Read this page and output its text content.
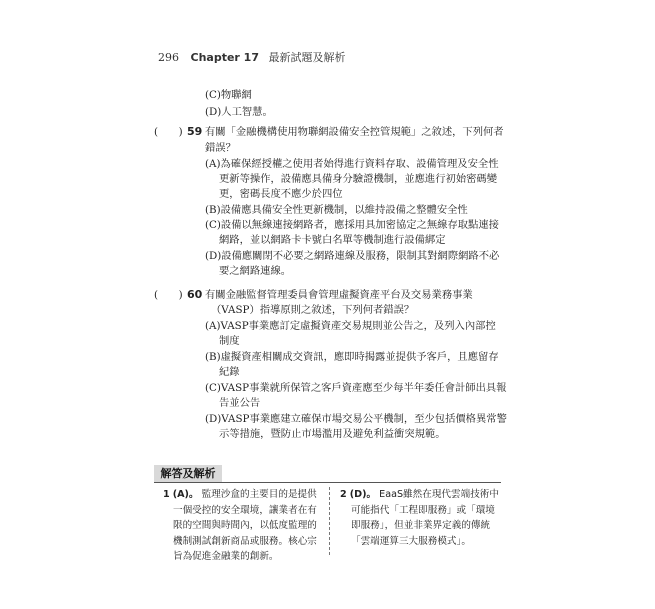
296 Chapter 17 最新試題及解析
(C)物聯網
(D)人工智慧。
(　　) 59 有關「金融機構使用物聯網設備安全控管規範」之敘述，下列何者
錯誤？
(A)為確保經授權之使用者始得進行資料存取、設備管理及安全性
更新等操作，設備應具備身分驗證機制，並應進行初始密碼變
更，密碼長度不應少於四位
(B)設備應具備安全性更新機制，以維持設備之整體安全性
(C)設備以無線連接網路者，應採用具加密協定之無線存取點連接
網路，並以網路卡卡號白名單等機制進行設備綁定
(D)設備應關閉不必要之網路連線及服務，限制其對網際網路不必
要之網路連線。
(　　) 60 有關金融監督管理委員會管理虛擬資產平台及交易業務事業
（VASP）指導原則之敘述，下列何者錯誤？
(A)VASP事業應訂定虛擬資產交易規則並公告之，及列入內部控
制度
(B)虛擬資產相關成交資訊，應即時揭露並提供予客戶，且應留存
紀錄
(C)VASP事業就所保管之客戶資產應至少每半年委任會計師出具報
告並公告
(D)VASP事業應建立確保市場交易公平機制，至少包括價格異常警
示等措施，暨防止市場濫用及避免利益衝突規範。
解答及解析
1 (A)。 監理沙盒的主要目的是提供
一個受控的安全環境，讓業者在有
限的空間與時間內，以低度監理的
機制測試創新商品或服務。核心宗
旨為促進金融業的創新。
2 (D)。 EaaS雖然在現代雲端技術中
可能指代「工程即服務」或「環境
即服務」，但並非業界定義的傳統
「雲端運算三大服務模式」。
